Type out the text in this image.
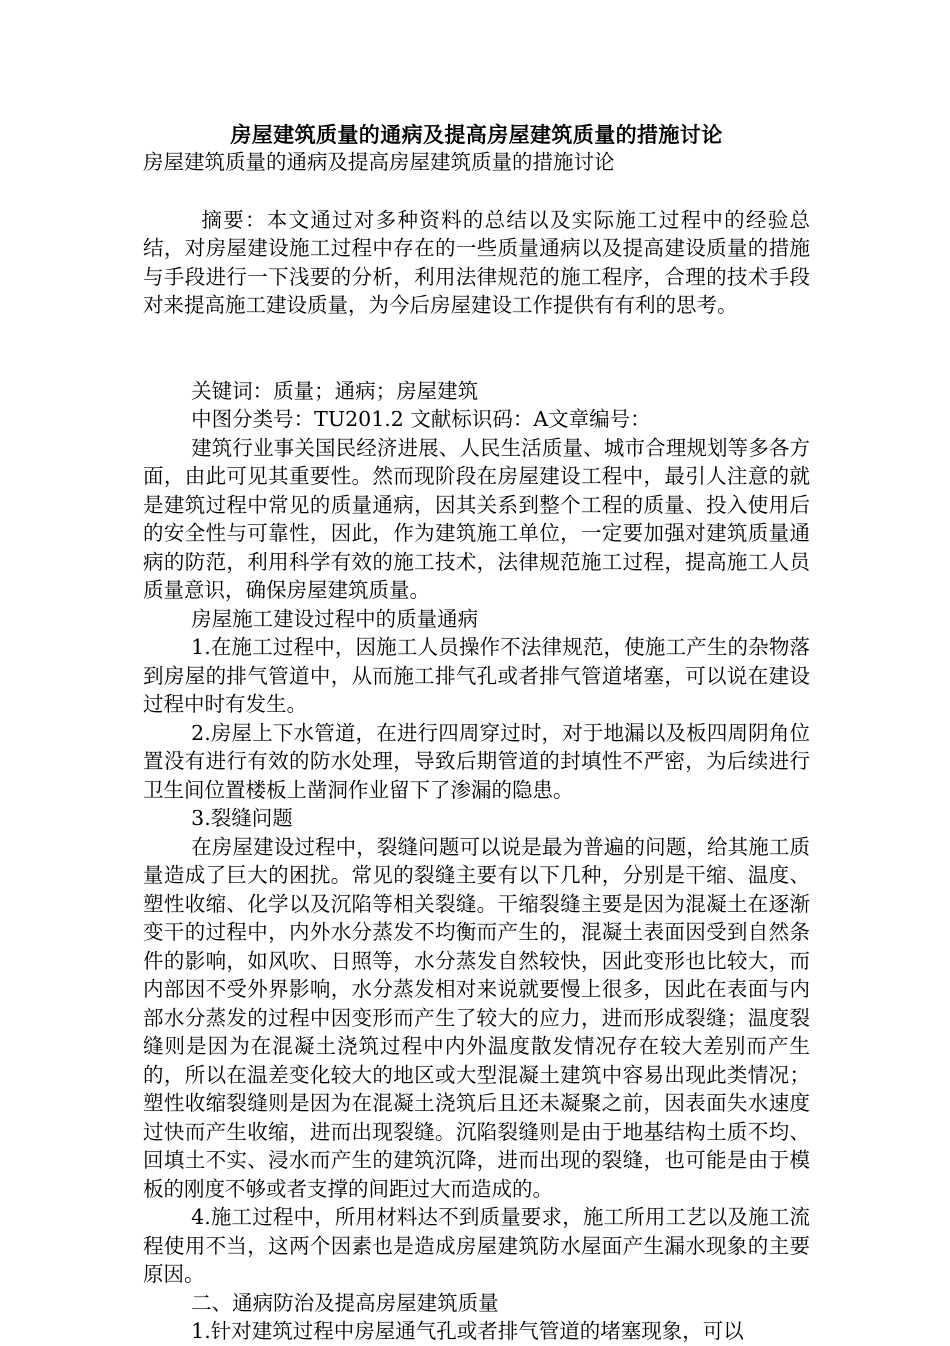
房屋建筑质量的通病及提高房屋建筑质量的措施讨论
房屋建筑质量的通病及提高房屋建筑质量的措施讨论

摘要：本文通过对多种资料的总结以及实际施工过程中的经验总结，对房屋建设施工过程中存在的一些质量通病以及提高建设质量的措施与手段进行一下浅要的分析，利用法律规范的施工程序，合理的技术手段对来提高施工建设质量，为今后房屋建设工作提供有有利的思考。

关键词：质量；通病；房屋建筑

中图分类号：TU201.2 文献标识码：A文章编号：

建筑行业事关国民经济进展、人民生活质量、城市合理规划等多各方面，由此可见其重要性。然而现阶段在房屋建设工程中，最引人注意的就是建筑过程中常见的质量通病，因其关系到整个工程的质量、投入使用后的安全性与可靠性，因此，作为建筑施工单位，一定要加强对建筑质量通病的防范，利用科学有效的施工技术，法律规范施工过程，提高施工人员质量意识，确保房屋建筑质量。

房屋施工建设过程中的质量通病

1.在施工过程中，因施工人员操作不法律规范，使施工产生的杂物落到房屋的排气管道中，从而施工排气孔或者排气管道堵塞，可以说在建设过程中时有发生。

2.房屋上下水管道，在进行四周穿过时，对于地漏以及板四周阴角位置没有进行有效的防水处理，导致后期管道的封填性不严密，为后续进行卫生间位置楼板上凿洞作业留下了渗漏的隐患。

3.裂缝问题

在房屋建设过程中，裂缝问题可以说是最为普遍的问题，给其施工质量造成了巨大的困扰。常见的裂缝主要有以下几种，分别是干缩、温度、塑性收缩、化学以及沉陷等相关裂缝。干缩裂缝主要是因为混凝土在逐渐变干的过程中，内外水分蒸发不均衡而产生的，混凝土表面因受到自然条件的影响，如风吹、日照等，水分蒸发自然较快，因此变形也比较大，而内部因不受外界影响，水分蒸发相对来说就要慢上很多，因此在表面与内部水分蒸发的过程中因变形而产生了较大的应力，进而形成裂缝；温度裂缝则是因为在混凝土浇筑过程中内外温度散发情况存在较大差别而产生的，所以在温差变化较大的地区或大型混凝土建筑中容易出现此类情况；塑性收缩裂缝则是因为在混凝土浇筑后且还未凝聚之前，因表面失水速度过快而产生收缩，进而出现裂缝。沉陷裂缝则是由于地基结构土质不均、回填土不实、浸水而产生的建筑沉降，进而出现的裂缝，也可能是由于模板的刚度不够或者支撑的间距过大而造成的。

4.施工过程中，所用材料达不到质量要求，施工所用工艺以及施工流程使用不当，这两个因素也是造成房屋建筑防水屋面产生漏水现象的主要原因。

二、通病防治及提高房屋建筑质量

1.针对建筑过程中房屋通气孔或者排气管道的堵塞现象，可以
